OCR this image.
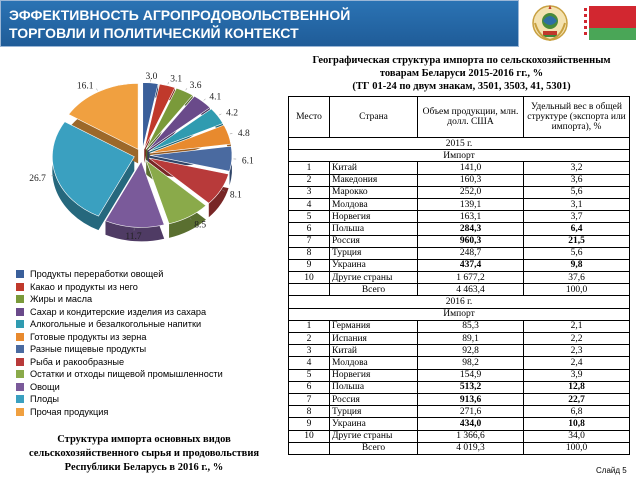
ЭФФЕКТИВНОСТЬ АГРОПРОДОВОЛЬСТВЕННОЙ
ТОРГОВЛИ И ПОЛИТИЧЕСКИЙ КОНТЕКСТ
Географическая структура импорта по сельскохозяйственным
товарам Беларуси 2015-2016 гг., %
(ТГ 01-24 по двум знакам, 3501, 3503, 41, 5301)
Место	Страна	Объем продукции, млн. долл. США	Удельный вес в общей структуре (экспорта или импорта), %
2015 г.			
Импорт			
1	Китай	141,0	3,2
2	Македония	160,3	3,6
3	Марокко	252,0	5,6
4	Молдова	139,1	3,1
5	Норвегия	163,1	3,7
6	Польша	284,3	6,4
7	Россия	960,3	21,5
8	Турция	248,7	5,6
9	Украина	437,4	9,8
10	Другие страны	1 677,2	37,6
	Всего	4 463,4	100,0
2016 г.			
Импорт			
1	Германия	85,3	2,1
2	Испания	89,1	2,2
3	Китай	92,8	2,3
4	Молдова	98,2	2,4
5	Норвегия	154,9	3,9
6	Польша	513,2	12,8
7	Россия	913,6	22,7
8	Турция	271,6	6,8
9	Украина	434,0	10,8
10	Другие страны	1 366,6	34,0
	Всего	4 019,3	100,0
3.0 3.1
3.6
4.1
4.2
4.8
6.1
8.1
8.5
11.7
26.7
16.1
Продукты переработки овощей
Какао и продукты из него
Жиры и масла
Сахар и кондитерские изделия из сахара
Алкогольные и безалкогольные напитки
Готовые продукты из зерна
Разные пищевые продукты
Рыба и ракообразные
Остатки и отходы пищевой промышленности
Овощи
Плоды
Прочая продукция
Структура импорта основных видов
сельскохозяйственного сырья и продовольствия
Республики Беларусь в 2016 г., %	Слайд 5
